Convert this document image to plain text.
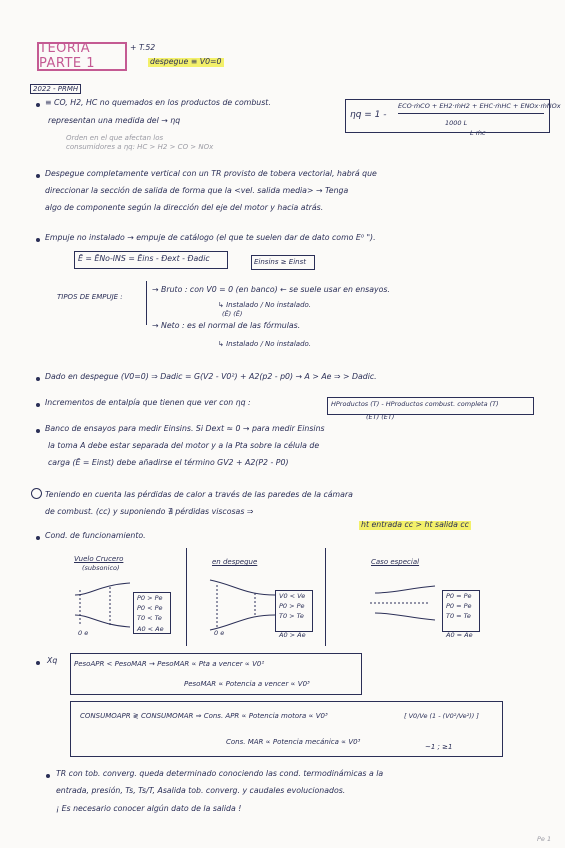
TEORIA PARTE 1
+ T.52
despegue ≡ V0=0
2022 - PRMH
≡ CO, H2, HC no quemados en los productos de combust.
representan una medida del → ηq
Orden en el que afectan los
consumidores a ηq: HC > H2 > CO > NOx
ηq = 1 -
ECO·ṁCO + EH2·ṁH2 + EHC·ṁHC + ENOx·ṁNOx
1000 L
L ṁc
Despegue completamente vertical con un TR provisto de tobera vectorial, habrá que
direccionar la sección de salida de forma que la <vel. salida media> → Tenga
algo de componente según la dirección del eje del motor y hacia atrás.
Empuje no instalado → empuje de catálogo (el que te suelen dar de dato como E⁰ ").
Ē = ĒNo-INS = Ēins - Ðext - Ðadic	Einsins ≥ Einst
TIPOS DE EMPUJE :
→ Bruto : con V0 = 0 (en banco) ← se suele usar en ensayos.
↳ Instalado / No instalado.
(Ē) (Ē)
→ Neto : es el normal de las fórmulas.
↳ Instalado / No instalado.
Dado en despegue (V0=0) ⇒ Dadic = G(V2 - V0²) + A2(p2 - p0) → A > Ae ⇒ > Dadic.
Incrementos de entalpía que tienen que ver con ηq :	HProductos (T) - HProductos combust. completa (T)
(ET) (ET)
Banco de ensayos para medir Einsins. Si Dext ≈ 0 → para medir Einsins
la toma A debe estar separada del motor y a la Pta sobre la célula de
carga (Ē = Einst) debe añadirse el término GV2 + A2(P2 - P0)
Teniendo en cuenta las pérdidas de calor a través de las paredes de la cámara
de combust. (cc) y suponiendo ∄ pérdidas viscosas ⇒
ht entrada cc > ht salida cc
Cond. de funcionamiento.
Vuelo Crucero
(subsonico)
P0 > Pe
P0 < Pe
T0 < Te
A0 < Ae
0 e
en despegue
V0 < Ve
P0 > Pe
T0 > Te
A0 > Ae
0 e
Caso especial
P0 = Pe
P0 = Pe
T0 = Te
A0 = Ae
Xq PesoAPR < PesoMAR → PesoMAR ∝ Pta a vencer ∝ V0²
PesoMAR ∝ Potencia a vencer ∝ V0³
CONSUMOAPR ≷ CONSUMOMAR ⇒ Cons. APR ∝ Potencia motora ∝ V0³	[ V0/Ve (1 - (V0²/Ve²)) ]
Cons. MAR ∝ Potencia mecánica ∝ V0³
~1 ; ≥1
TR con tob. converg. queda determinado conociendo las cond. termodinámicas a la
entrada, presión, Ts, Ts/T, Asalida tob. converg. y caudales evolucionados.
¡ Es necesario conocer algún dato de la salida !
Pe 1
